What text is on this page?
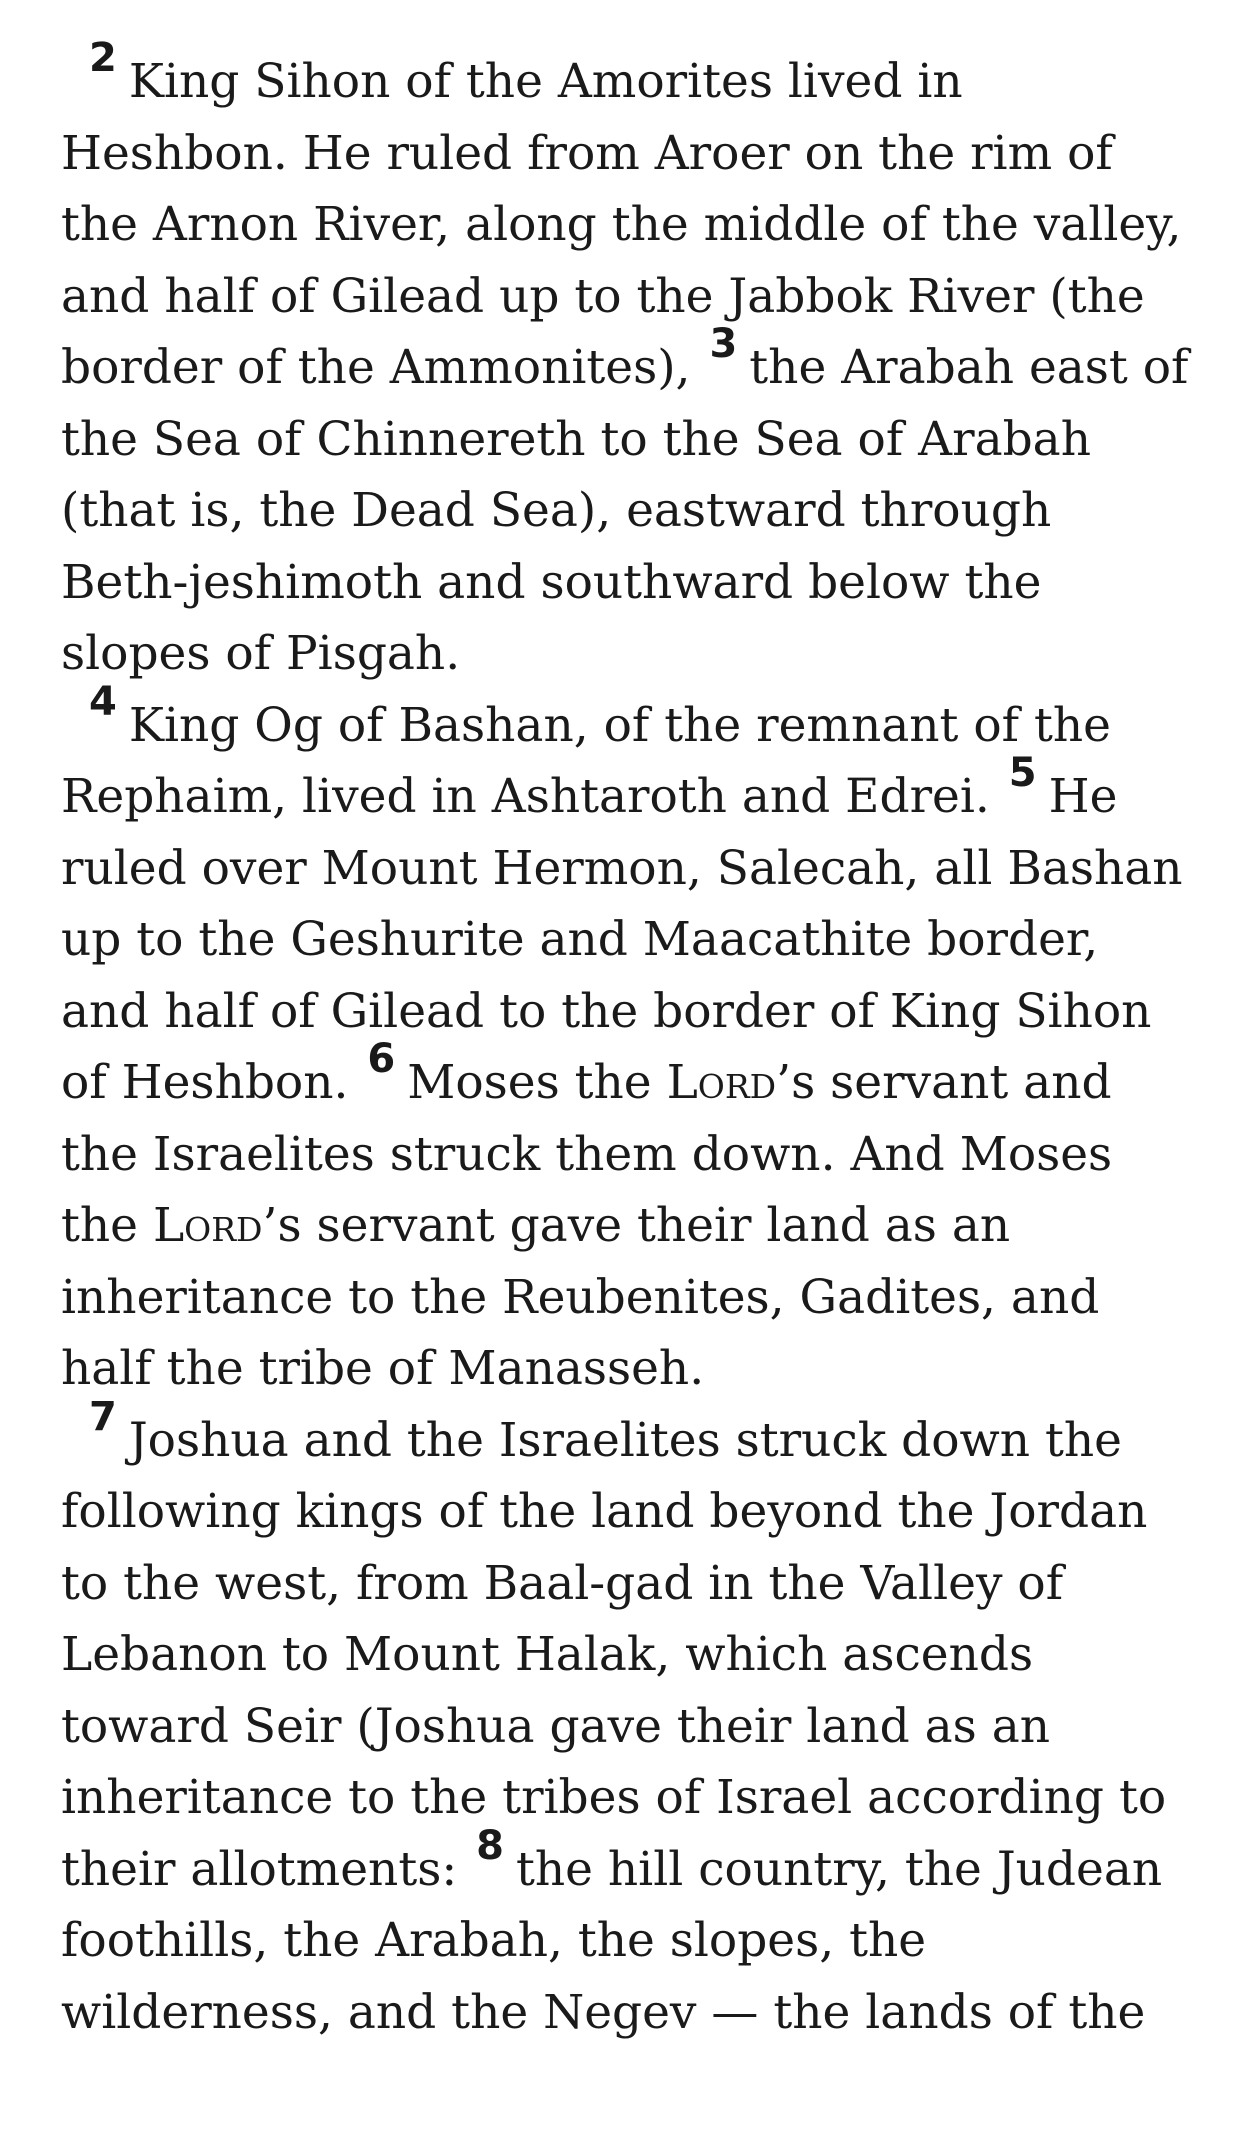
2 King Sihon of the Amorites lived in Heshbon. He ruled from Aroer on the rim of the Arnon River, along the middle of the valley, and half of Gilead up to the Jabbok River (the border of the Ammonites), 3 the Arabah east of the Sea of Chinnereth to the Sea of Arabah (that is, the Dead Sea), eastward through Beth-jeshimoth and southward below the slopes of Pisgah.

4 King Og of Bashan, of the remnant of the Rephaim, lived in Ashtaroth and Edrei. 5 He ruled over Mount Hermon, Salecah, all Bashan up to the Geshurite and Maacathite border, and half of Gilead to the border of King Sihon of Heshbon. 6 Moses the Lord’s servant and the Israelites struck them down. And Moses the Lord’s servant gave their land as an inheritance to the Reubenites, Gadites, and half the tribe of Manasseh.

7 Joshua and the Israelites struck down the following kings of the land beyond the Jordan to the west, from Baal-gad in the Valley of Lebanon to Mount Halak, which ascends toward Seir (Joshua gave their land as an inheritance to the tribes of Israel according to their allotments: 8 the hill country, the Judean foothills, the Arabah, the slopes, the wilderness, and the Negev — the lands of the
